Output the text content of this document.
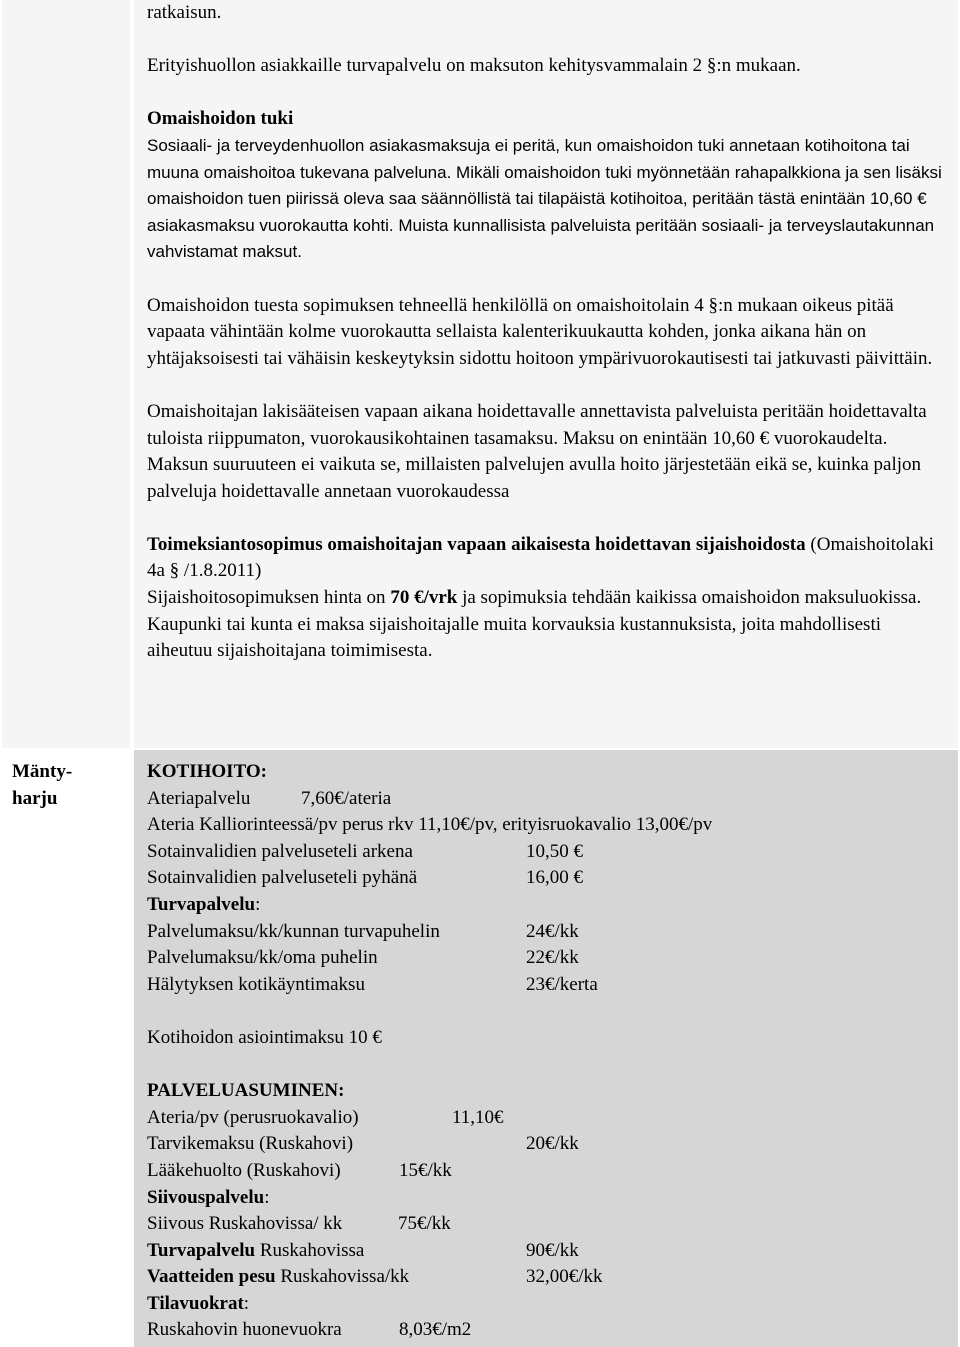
ratkaisun.

Erityishuollon asiakkaille turvapalvelu on maksuton kehitysvammalain 2 §:n mukaan.

Omaishoidon tuki
Sosiaali- ja terveydenhuollon asiakasmaksuja ei peritä, kun omaishoidon tuki annetaan kotihoitona tai muuna omaishoitoa tukevana palveluna. Mikäli omaishoidon tuki myönnetään rahapalkkiona ja sen lisäksi omaishoidon tuen piirissä oleva saa säännöllistä tai tilapäistä kotihoitoa, peritään tästä enintään 10,60 € asiakasmaksu vuorokautta kohti. Muista kunnallisista palveluista peritään sosiaali- ja terveyslautakunnan vahvistamat maksut.

Omaishoidon tuesta sopimuksen tehneellä henkilöllä on omaishoitolain 4 §:n mukaan oikeus pitää vapaata vähintään kolme vuorokautta sellaista kalenterikuukautta kohden, jonka aikana hän on yhtäjaksoisesti tai vähäisin keskeytyksin sidottu hoitoon ympärivuorokautisesti tai jatkuvasti päivittäin.

Omaishoitajan lakisääteisen vapaan aikana hoidettavalle annettavista palveluista peritään hoidettavalta tuloista riippumaton, vuorokausikohtainen tasamaksu. Maksu on enintään 10,60 € vuorokaudelta. Maksun suuruuteen ei vaikuta se, millaisten palvelujen avulla hoito järjestetään eikä se, kuinka paljon palveluja hoidettavalle annetaan vuorokaudessa

Toimeksiantosopimus omaishoitajan vapaan aikaisesta hoidettavan sijaishoidosta (Omaishoitolaki 4a § /1.8.2011)
Sijaishoitosopimuksen hinta on 70 €/vrk ja sopimuksia tehdään kaikissa omaishoidon maksuluokissa. Kaupunki tai kunta ei maksa sijaishoitajalle muita korvauksia kustannuksista, joita mahdollisesti aiheutuu sijaishoitajana toimimisesta.

Mänty-
harju
KOTIHOITO:
Ateriapalvelu	7,60€/ateria
Ateria Kalliorinteessä/pv perus rkv 11,10€/pv, erityisruokavalio 13,00€/pv
Sotainvalidien palveluseteli arkena	10,50 €
Sotainvalidien palveluseteli pyhänä	16,00 €
Turvapalvelu:
Palvelumaksu/kk/kunnan turvapuhelin	24€/kk
Palvelumaksu/kk/oma puhelin	22€/kk
Hälytyksen kotikäyntimaksu	23€/kerta
Kotihoidon asiointimaksu 10 €
PALVELUASUMINEN:
Ateria/pv (perusruokavalio)	11,10€
Tarvikemaksu (Ruskahovi)	20€/kk
Lääkehuolto (Ruskahovi)	15€/kk
Siivouspalvelu:
Siivous Ruskahovissa/ kk	75€/kk
Turvapalvelu Ruskahovissa	90€/kk
Vaatteiden pesu Ruskahovissa/kk	32,00€/kk
Tilavuokrat:
Ruskahovin huonevuokra	8,03€/m2
